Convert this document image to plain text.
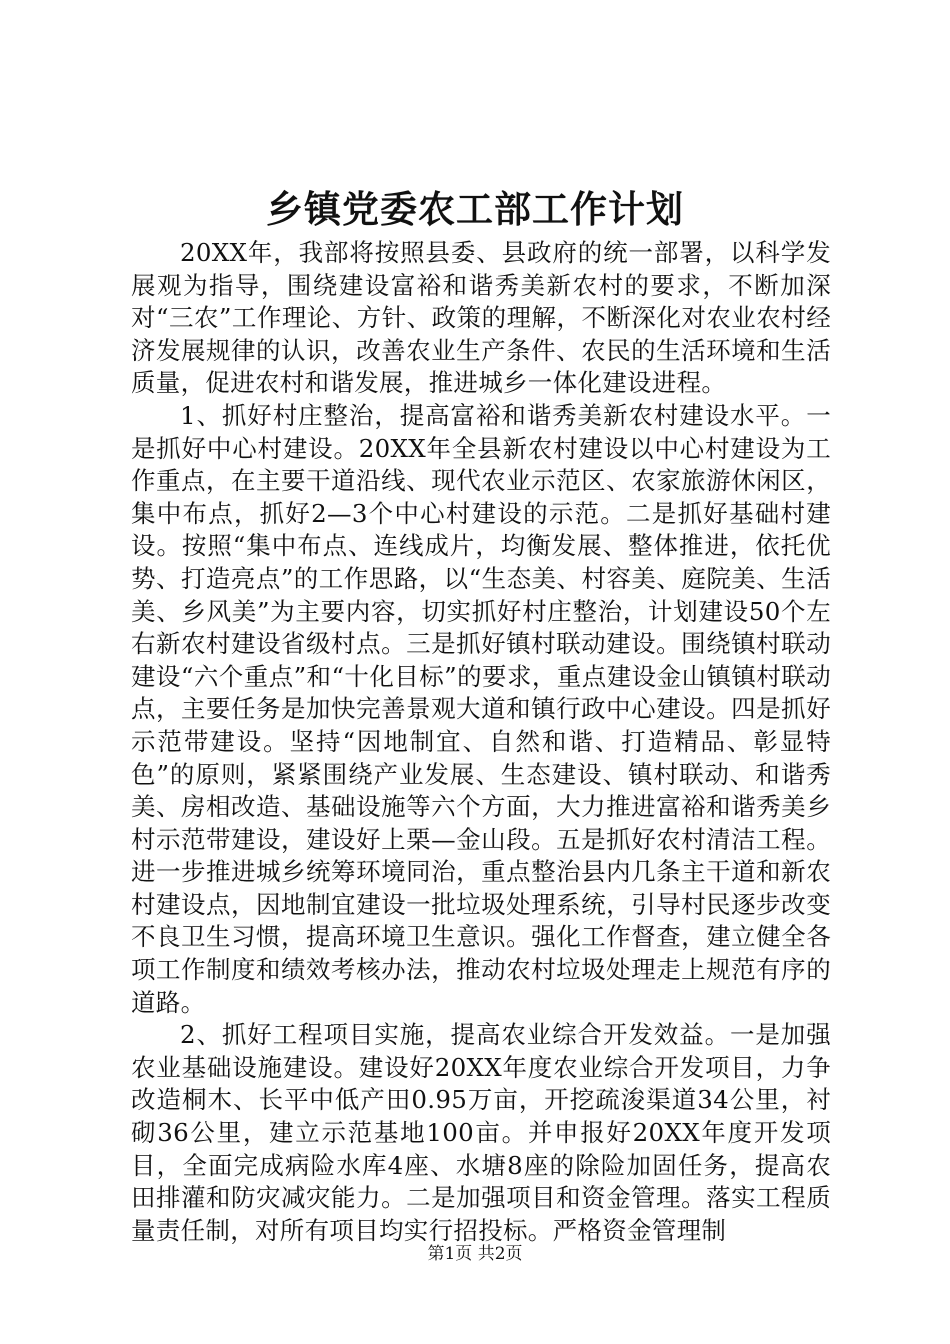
乡镇党委农工部工作计划

20XX年，我部将按照县委、县政府的统一部署，以科学发展观为指导，围绕建设富裕和谐秀美新农村的要求，不断加深对“三农”工作理论、方针、政策的理解，不断深化对农业农村经济发展规律的认识，改善农业生产条件、农民的生活环境和生活质量，促进农村和谐发展，推进城乡一体化建设进程。

1、抓好村庄整治，提高富裕和谐秀美新农村建设水平。一是抓好中心村建设。20XX年全县新农村建设以中心村建设为工作重点，在主要干道沿线、现代农业示范区、农家旅游休闲区，集中布点，抓好2—3个中心村建设的示范。二是抓好基础村建设。按照“集中布点、连线成片，均衡发展、整体推进，依托优势、打造亮点”的工作思路，以“生态美、村容美、庭院美、生活美、乡风美”为主要内容，切实抓好村庄整治，计划建设50个左右新农村建设省级村点。三是抓好镇村联动建设。围绕镇村联动建设“六个重点”和“十化目标”的要求，重点建设金山镇镇村联动点，主要任务是加快完善景观大道和镇行政中心建设。四是抓好示范带建设。坚持“因地制宜、自然和谐、打造精品、彰显特色”的原则，紧紧围绕产业发展、生态建设、镇村联动、和谐秀美、房相改造、基础设施等六个方面，大力推进富裕和谐秀美乡村示范带建设，建设好上栗—金山段。五是抓好农村清洁工程。进一步推进城乡统筹环境同治，重点整治县内几条主干道和新农村建设点，因地制宜建设一批垃圾处理系统，引导村民逐步改变不良卫生习惯，提高环境卫生意识。强化工作督查，建立健全各项工作制度和绩效考核办法，推动农村垃圾处理走上规范有序的道路。

2、抓好工程项目实施，提高农业综合开发效益。一是加强农业基础设施建设。建设好20XX年度农业综合开发项目，力争改造桐木、长平中低产田0.95万亩，开挖疏浚渠道34公里，衬砌36公里，建立示范基地100亩。并申报好20XX年度开发项目，全面完成病险水库4座、水塘8座的除险加固任务，提高农田排灌和防灾减灾能力。二是加强项目和资金管理。落实工程质量责任制，对所有项目均实行招投标。严格资金管理制

第1页 共2页
